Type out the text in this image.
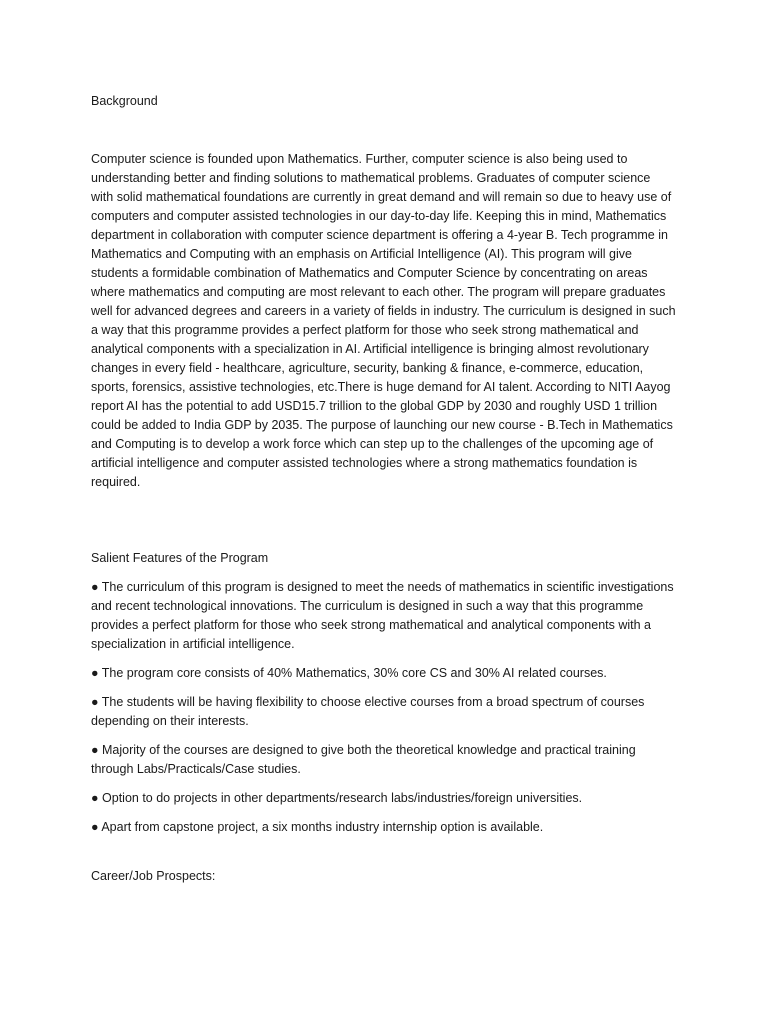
Background

Computer science is founded upon Mathematics. Further, computer science is also being used to understanding better and finding solutions to mathematical problems. Graduates of computer science with solid mathematical foundations are currently in great demand and will remain so due to heavy use of computers and computer assisted technologies in our day-to-day life. Keeping this in mind, Mathematics department in collaboration with computer science department is offering a 4-year B. Tech programme in Mathematics and Computing with an emphasis on Artificial Intelligence (AI). This program will give students a formidable combination of Mathematics and Computer Science by concentrating on areas where mathematics and computing are most relevant to each other. The program will prepare graduates well for advanced degrees and careers in a variety of fields in industry. The curriculum is designed in such a way that this programme provides a perfect platform for those who seek strong mathematical and analytical components with a specialization in AI. Artificial intelligence is bringing almost revolutionary changes in every field - healthcare, agriculture, security, banking & finance, e-commerce, education, sports, forensics, assistive technologies, etc.There is huge demand for AI talent. According to NITI Aayog report AI has the potential to add USD15.7 trillion to the global GDP by 2030 and roughly USD 1 trillion could be added to India GDP by 2035. The purpose of launching our new course - B.Tech in Mathematics and Computing is to develop a work force which can step up to the challenges of the upcoming age of artificial intelligence and computer assisted technologies where a strong mathematics foundation is required.

Salient Features of the Program
● The curriculum of this program is designed to meet the needs of mathematics in scientific investigations and recent technological innovations. The curriculum is designed in such a way that this programme provides a perfect platform for those who seek strong mathematical and analytical components with a specialization in artificial intelligence.
● The program core consists of 40% Mathematics, 30% core CS and 30% AI related courses.
● The students will be having flexibility to choose elective courses from a broad spectrum of courses depending on their interests.
● Majority of the courses are designed to give both the theoretical knowledge and practical training through Labs/Practicals/Case studies.
● Option to do projects in other departments/research labs/industries/foreign universities.
● Apart from capstone project, a six months industry internship option is available.
Career/Job Prospects:
